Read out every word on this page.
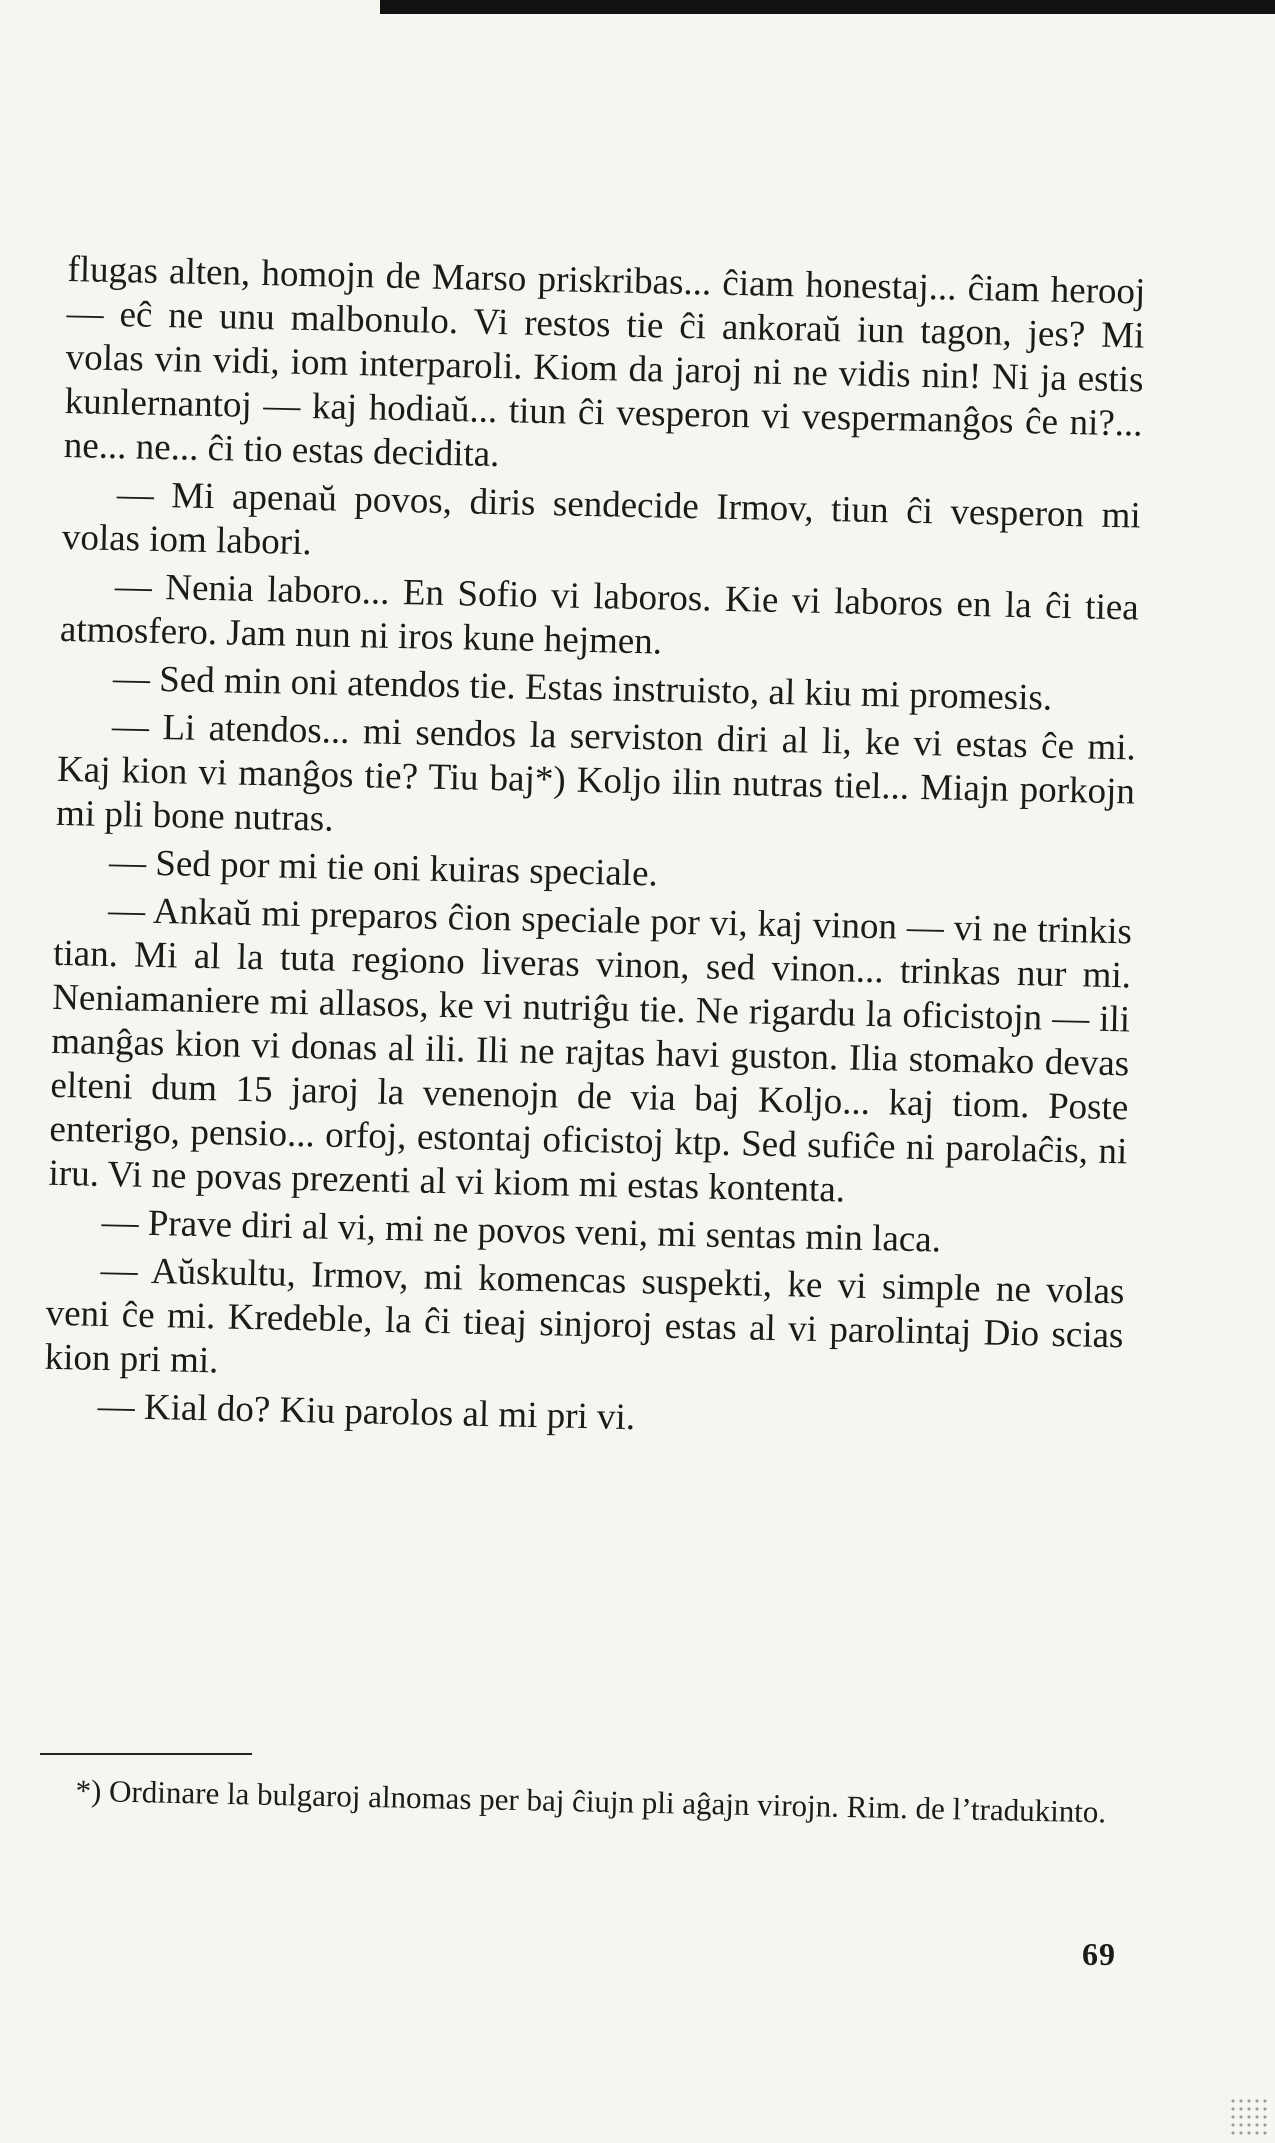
flugas alten, homojn de Marso priskribas... ĉiam honestaj... ĉiam herooj — eĉ ne unu malbonulo. Vi restos tie ĉi ankoraŭ iun tagon, jes? Mi volas vin vidi, iom interparoli. Kiom da jaroj ni ne vidis nin! Ni ja estis kunlernantoj — kaj hodiaŭ... tiun ĉi vesperon vi vespermanĝos ĉe ni?... ne... ne... ĉi tio estas decidita.

— Mi apenaŭ povos, diris sendecide Irmov, tiun ĉi vesperon mi volas iom labori.

— Nenia laboro... En Sofio vi laboros. Kie vi laboros en la ĉi tiea atmosfero. Jam nun ni iros kune hejmen.

— Sed min oni atendos tie. Estas instruisto, al kiu mi promesis.

— Li atendos... mi sendos la serviston diri al li, ke vi estas ĉe mi. Kaj kion vi manĝos tie? Tiu baj*) Koljo ilin nutras tiel... Miajn porkojn mi pli bone nutras.

— Sed por mi tie oni kuiras speciale.

— Ankaŭ mi preparos ĉion speciale por vi, kaj vinon — vi ne trinkis tian. Mi al la tuta regiono liveras vinon, sed vinon... trinkas nur mi. Neniamaniere mi allasos, ke vi nutriĝu tie. Ne rigardu la oficistojn — ili manĝas kion vi donas al ili. Ili ne rajtas havi guston. Ilia stomako devas elteni dum 15 jaroj la venenojn de via baj Koljo... kaj tiom. Poste enterigo, pensio... orfoj, estontaj oficistoj ktp. Sed sufiĉe ni parolaĉis, ni iru. Vi ne povas prezenti al vi kiom mi estas kontenta.

— Prave diri al vi, mi ne povos veni, mi sentas min laca.

— Aŭskultu, Irmov, mi komencas suspekti, ke vi simple ne volas veni ĉe mi. Kredeble, la ĉi tieaj sinjoroj estas al vi parolintaj Dio scias kion pri mi.

— Kial do? Kiu parolos al mi pri vi.

*) Ordinare la bulgaroj alnomas per baj ĉiujn pli aĝajn virojn. Rim. de l’tradukinto.
69
